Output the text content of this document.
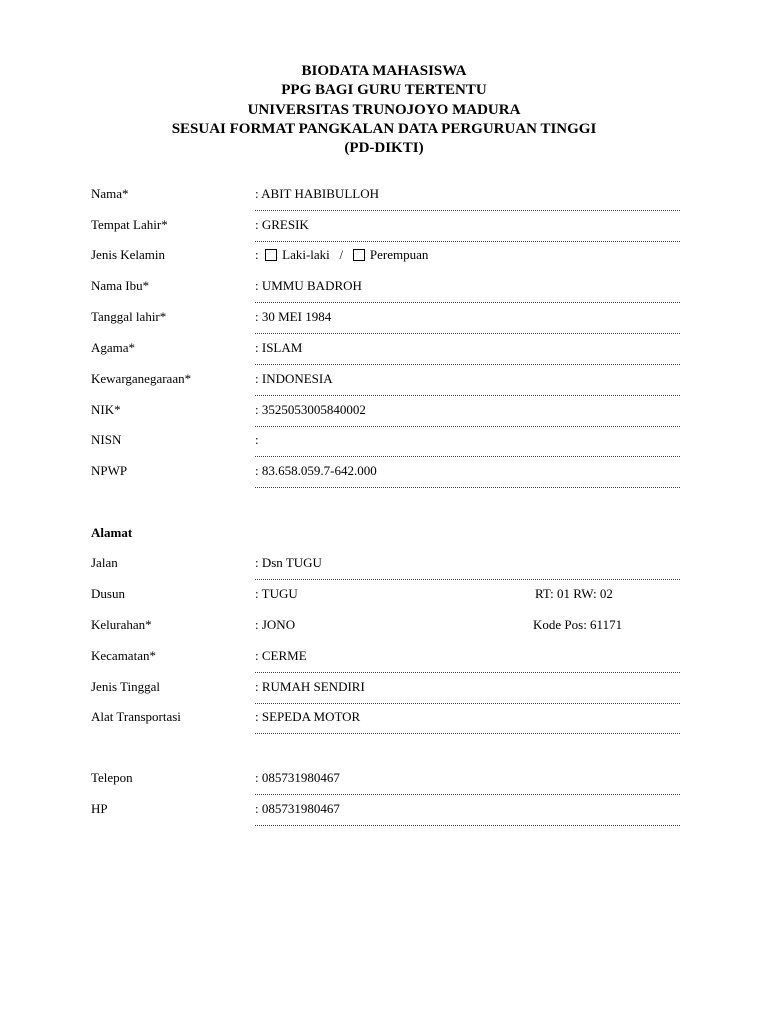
BIODATA MAHASISWA
PPG BAGI GURU TERTENTU
UNIVERSITAS TRUNOJOYO MADURA
SESUAI FORMAT PANGKALAN DATA PERGURUAN TINGGI
(PD-DIKTI)
Nama*	: ABIT HABIBULLOH
Tempat Lahir*	: GRESIK
Jenis Kelamin	: Laki-laki / Perempuan
Nama Ibu*	: UMMU BADROH
Tanggal lahir*	: 30 MEI 1984
Agama*	: ISLAM
Kewarganegaraan*	: INDONESIA
NIK*	: 3525053005840002
NISN	:
NPWP	: 83.658.059.7-642.000
Alamat
Jalan	: Dsn TUGU
Dusun	: TUGU	RT: 01 RW: 02
Kelurahan*	: JONO	Kode Pos: 61171
Kecamatan*	: CERME
Jenis Tinggal	: RUMAH SENDIRI
Alat Transportasi	: SEPEDA MOTOR
Telepon	: 085731980467
HP	: 085731980467
